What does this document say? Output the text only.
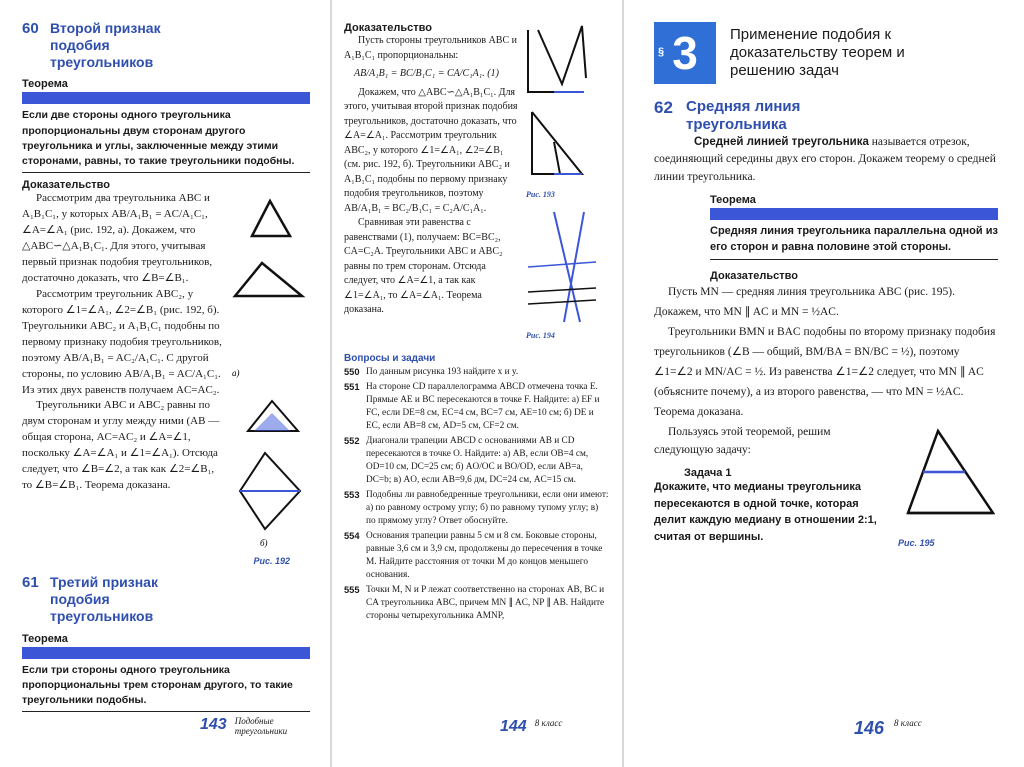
60 Второй признак подобия треугольников
Теорема
Если две стороны одного треугольника пропорциональны двум сторонам другого треугольника и углы, заключенные между этими сторонами, равны, то такие треугольники подобны.
Доказательство

Рассмотрим два треугольника ABC и A₁B₁C₁, у которых AB/A₁B₁ = AC/A₁C₁, ∠A=∠A₁ (рис. 192, а). Докажем, что △ABC∽△A₁B₁C₁. Для этого, учитывая первый признак подобия треугольников, достаточно доказать, что ∠B=∠B₁.

Рассмотрим треугольник ABC₂, у которого ∠1=∠A₁, ∠2=∠B₁ (рис. 192, б). Треугольники ABC₂ и A₁B₁C₁ подобны по первому признаку подобия треугольников, поэтому AB/A₁B₁ = AC₂/A₁C₁. С другой стороны, по условию AB/A₁B₁ = AC/A₁C₁. Из этих двух равенств получаем AC=AC₂.

Треугольники ABC и ABC₂ равны по двум сторонам и углу между ними (AB — общая сторона, AC=AC₂ и ∠A=∠1, поскольку ∠A=∠A₁ и ∠1=∠A₁). Отсюда следует, что ∠B=∠2, а так как ∠2=∠B₁, то ∠B=∠B₁. Теорема доказана.

а)
б)
Рис. 192
61 Третий признак подобия треугольников
Теорема
Если три стороны одного треугольника пропорциональны трем сторонам другого, то такие треугольники подобны.
143 Подобные треугольники
Доказательство

Пусть стороны треугольников ABC и A₁B₁C₁ пропорциональны:

AB/A₁B₁ = BC/B₁C₁ = CA/C₁A₁. (1)

Докажем, что △ABC∽△A₁B₁C₁. Для этого, учитывая второй признак подобия треугольников, достаточно доказать, что ∠A=∠A₁. Рассмотрим треугольник ABC₂, у которого ∠1=∠A₁, ∠2=∠B₁ (см. рис. 192, б). Треугольники ABC₂ и A₁B₁C₁ подобны по первому признаку подобия треугольников, поэтому AB/A₁B₁ = BC₂/B₁C₁ = C₂A/C₁A₁.

Сравнивая эти равенства с равенствами (1), получаем: BC=BC₂, CA=C₂A. Треугольники ABC и ABC₂ равны по трем сторонам. Отсюда следует, что ∠A=∠1, а так как ∠1=∠A₁, то ∠A=∠A₁. Теорема доказана.

Рис. 193
Рис. 194
Вопросы и задачи
550 По данным рисунка 193 найдите x и y.
551 На стороне CD параллелограмма ABCD отмечена точка E. Прямые AE и BC пересекаются в точке F. Найдите: а) EF и FC, если DE=8 см, EC=4 см, BC=7 см, AE=10 см; б) DE и EC, если AB=8 см, AD=5 см, CF=2 см.
552 Диагонали трапеции ABCD с основаниями AB и CD пересекаются в точке O. Найдите: а) AB, если OB=4 см, OD=10 см, DC=25 см; б) AO/OC и BO/OD, если AB=a, DC=b; в) AO, если AB=9,6 дм, DC=24 см, AC=15 см.
553 Подобны ли равнобедренные треугольники, если они имеют: а) по равному острому углу; б) по равному тупому углу; в) по прямому углу? Ответ обоснуйте.
554 Основания трапеции равны 5 см и 8 см. Боковые стороны, равные 3,6 см и 3,9 см, продолжены до пересечения в точке M. Найдите расстояния от точки M до концов меньшего основания.
555 Точки M, N и P лежат соответственно на сторонах AB, BC и CA треугольника ABC, причем MN ∥ AC, NP ∥ AB. Найдите стороны четырехугольника AMNP,
144 8 класс
§ 3 Применение подобия к доказательству теорем и решению задач
62 Средняя линия треугольника

Средней линией треугольника называется отрезок, соединяющий середины двух его сторон. Докажем теорему о средней линии треугольника.

Теорема
Средняя линия треугольника параллельна одной из его сторон и равна половине этой стороны.
Доказательство

Пусть MN — средняя линия треугольника ABC (рис. 195). Докажем, что MN ∥ AC и MN = ½AC.

Треугольники BMN и BAC подобны по второму признаку подобия треугольников (∠B — общий, BM/BA = BN/BC = ½), поэтому ∠1=∠2 и MN/AC = ½. Из равенства ∠1=∠2 следует, что MN ∥ AC (объясните почему), а из второго равенства, — что MN = ½AC. Теорема доказана.

Пользуясь этой теоремой, решим следующую задачу:

Задача 1

Докажите, что медианы треугольника пересекаются в одной точке, которая делит каждую медиану в отношении 2:1, считая от вершины.	Рис. 195
146 8 класс
